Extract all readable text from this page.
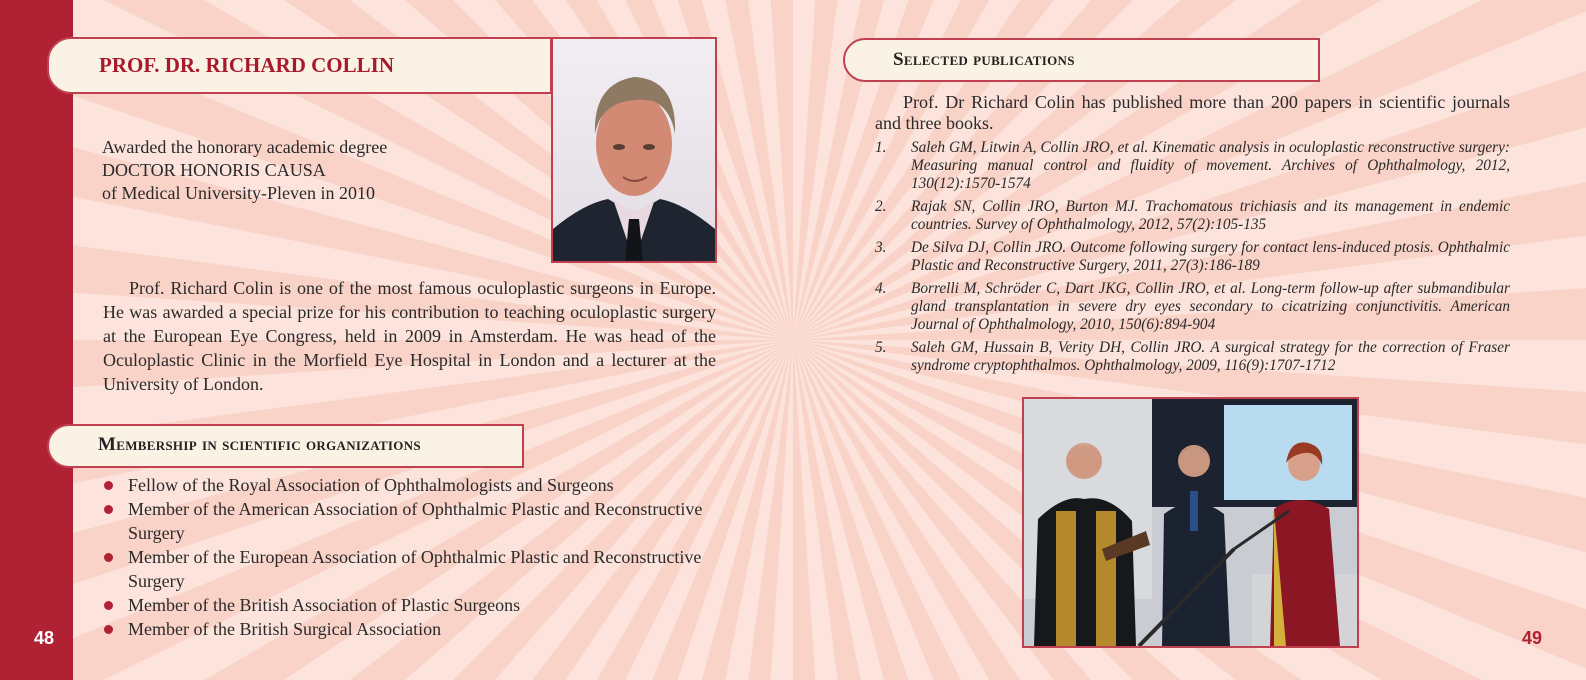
48	49
PROF. DR. RICHARD COLLIN
Awarded the honorary academic degree
DOCTOR HONORIS CAUSA
of Medical University-Pleven in 2010
Prof. Richard Colin is one of the most famous oculoplastic surgeons in Europe. He was awarded a special prize for his contribution to teaching oculoplastic surgery at the European Eye Congress, held in 2009 in Amsterdam. He was head of the Oculoplastic Clinic in the Morfield Eye Hospital in London and a lecturer at the University of London.
Membership in scientific organizations
Fellow of the Royal Association of Ophthalmologists and Surgeons
Member of the American Association of Ophthalmic Plastic and Reconstructive Surgery
Member of the European Association of Ophthalmic Plastic and Reconstructive Surgery
Member of the British Association of Plastic Surgeons
Member of the British Surgical Association
Selected publications
Prof. Dr Richard Colin has published more than 200 papers in scientific journals and three books.
1. Saleh GM, Litwin A, Collin JRO, et al. Kinematic analysis in oculoplastic reconstructive surgery: Measuring manual control and fluidity of movement. Archives of Ophthalmology, 2012, 130(12):1570-1574
2. Rajak SN, Collin JRO, Burton MJ. Trachomatous trichiasis and its management in endemic countries. Survey of Ophthalmology, 2012, 57(2):105-135
3. De Silva DJ, Collin JRO. Outcome following surgery for contact lens-induced ptosis. Ophthalmic Plastic and Reconstructive Surgery, 2011, 27(3):186-189
4. Borrelli M, Schröder C, Dart JKG, Collin JRO, et al. Long-term follow-up after submandibular gland transplantation in severe dry eyes secondary to cicatrizing conjunctivitis. American Journal of Ophthalmology, 2010, 150(6):894-904
5. Saleh GM, Hussain B, Verity DH, Collin JRO. A surgical strategy for the correction of Fraser syndrome cryptophthalmos. Ophthalmology, 2009, 116(9):1707-1712
